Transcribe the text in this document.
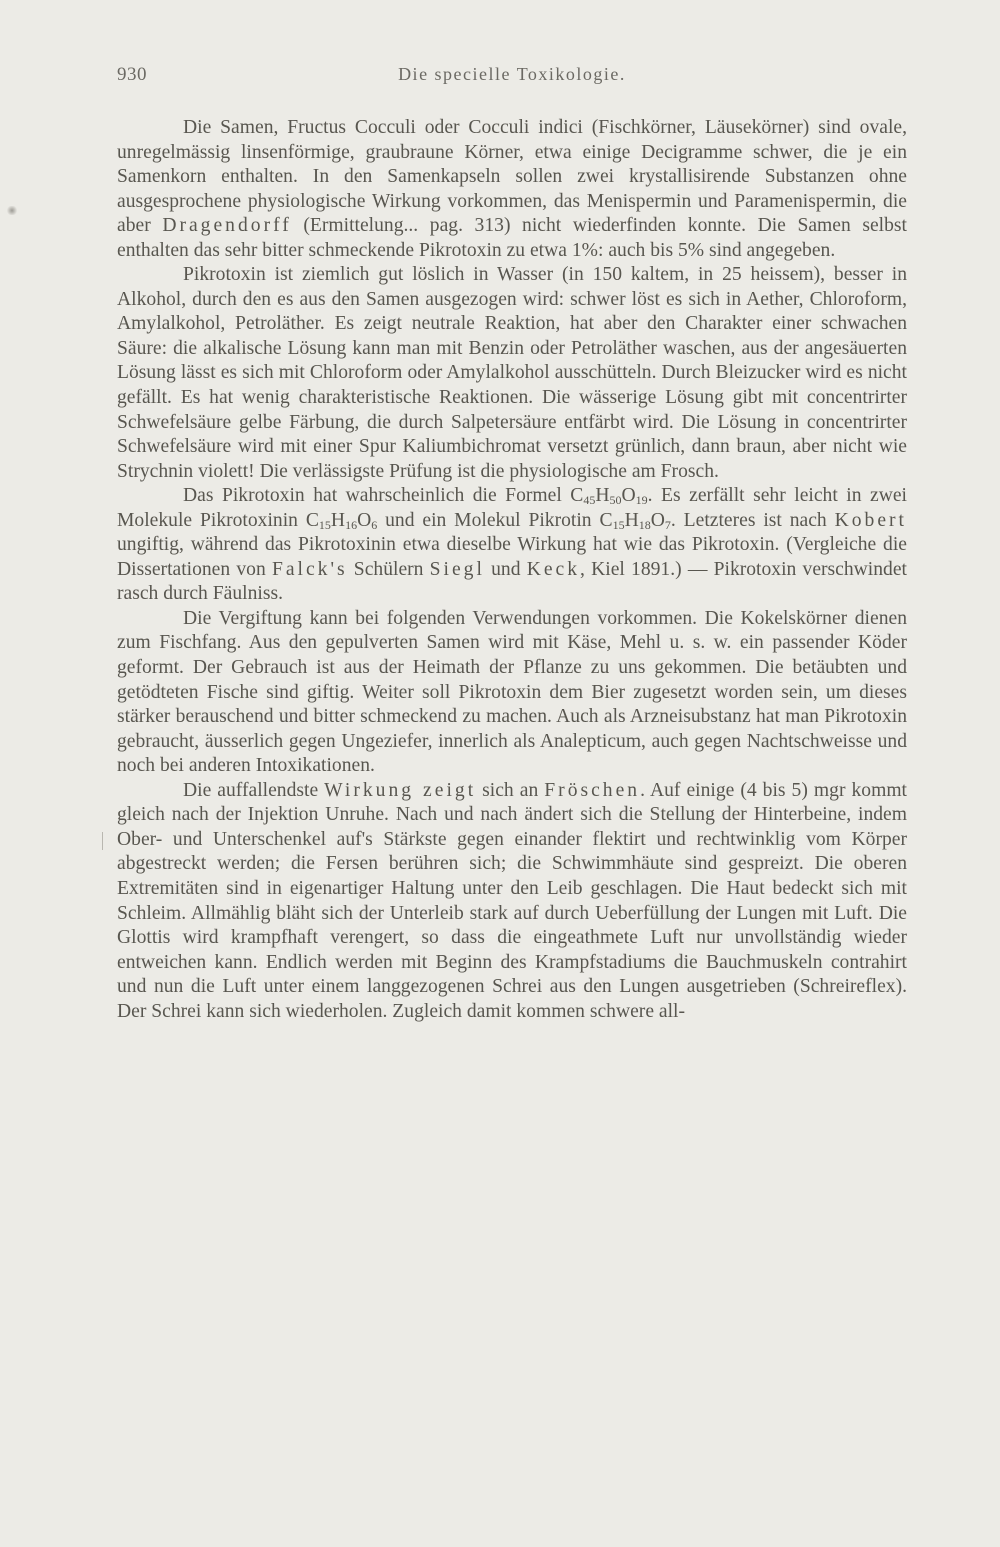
930	Die specielle Toxikologie.

Die Samen, Fructus Cocculi oder Cocculi indici (Fischkörner, Läusekörner) sind ovale, unregelmässig linsenförmige, graubraune Körner, etwa einige Decigramme schwer, die je ein Samenkorn enthalten. In den Samenkapseln sollen zwei krystallisirende Substanzen ohne ausgesprochene physiologische Wirkung vorkommen, das Menispermin und Paramenispermin, die aber Dragendorff (Ermittelung... pag. 313) nicht wiederfinden konnte. Die Samen selbst enthalten das sehr bitter schmeckende Pikrotoxin zu etwa 1%: auch bis 5% sind angegeben.

Pikrotoxin ist ziemlich gut löslich in Wasser (in 150 kaltem, in 25 heissem), besser in Alkohol, durch den es aus den Samen ausgezogen wird: schwer löst es sich in Aether, Chloroform, Amylalkohol, Petroläther. Es zeigt neutrale Reaktion, hat aber den Charakter einer schwachen Säure: die alkalische Lösung kann man mit Benzin oder Petroläther waschen, aus der angesäuerten Lösung lässt es sich mit Chloroform oder Amylalkohol ausschütteln. Durch Bleizucker wird es nicht gefällt. Es hat wenig charakteristische Reaktionen. Die wässerige Lösung gibt mit concentrirter Schwefelsäure gelbe Färbung, die durch Salpetersäure entfärbt wird. Die Lösung in concentrirter Schwefelsäure wird mit einer Spur Kaliumbichromat versetzt grünlich, dann braun, aber nicht wie Strychnin violett! Die verlässigste Prüfung ist die physiologische am Frosch.

Das Pikrotoxin hat wahrscheinlich die Formel $C_{45}H_{50}O_{19}$. Es zerfällt sehr leicht in zwei Molekule Pikrotoxinin $C_{15}H_{16}O_6$ und ein Molekul Pikrotin $C_{15}H_{18}O_7$. Letzteres ist nach Kobert ungiftig, während das Pikrotoxinin etwa dieselbe Wirkung hat wie das Pikrotoxin. (Vergleiche die Dissertationen von Falck's Schülern Siegl und Keck, Kiel 1891.) — Pikrotoxin verschwindet rasch durch Fäulniss.

Die Vergiftung kann bei folgenden Verwendungen vorkommen. Die Kokelskörner dienen zum Fischfang. Aus den gepulverten Samen wird mit Käse, Mehl u. s. w. ein passender Köder geformt. Der Gebrauch ist aus der Heimath der Pflanze zu uns gekommen. Die betäubten und getödteten Fische sind giftig. Weiter soll Pikrotoxin dem Bier zugesetzt worden sein, um dieses stärker berauschend und bitter schmeckend zu machen. Auch als Arzneisubstanz hat man Pikrotoxin gebraucht, äusserlich gegen Ungeziefer, innerlich als Analepticum, auch gegen Nachtschweisse und noch bei anderen Intoxikationen.

Die auffallendste Wirkung zeigt sich an Fröschen. Auf einige (4 bis 5) mgr kommt gleich nach der Injektion Unruhe. Nach und nach ändert sich die Stellung der Hinterbeine, indem Ober- und Unterschenkel auf's Stärkste gegen einander flektirt und rechtwinklig vom Körper abgestreckt werden; die Fersen berühren sich; die Schwimmhäute sind gespreizt. Die oberen Extremitäten sind in eigenartiger Haltung unter den Leib geschlagen. Die Haut bedeckt sich mit Schleim. Allmählig bläht sich der Unterleib stark auf durch Ueberfüllung der Lungen mit Luft. Die Glottis wird krampfhaft verengert, so dass die eingeathmete Luft nur unvollständig wieder entweichen kann. Endlich werden mit Beginn des Krampfstadiums die Bauchmuskeln contrahirt und nun die Luft unter einem langgezogenen Schrei aus den Lungen ausgetrieben (Schreireflex). Der Schrei kann sich wiederholen. Zugleich damit kommen schwere all-
